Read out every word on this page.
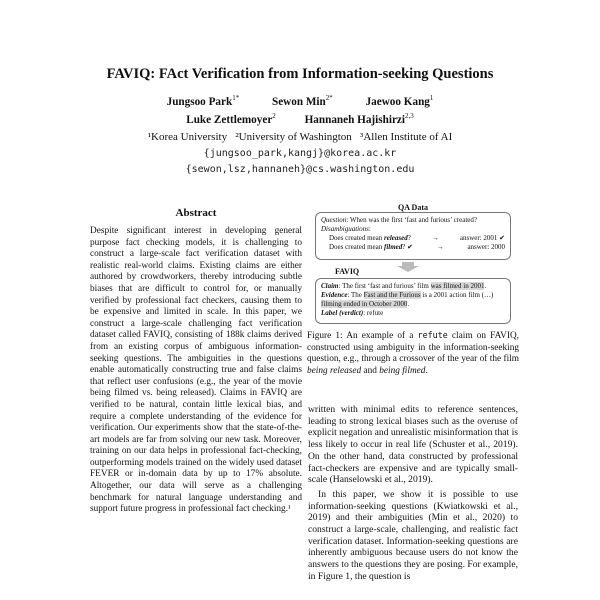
FAVIQ: FAct Verification from Information-seeking Questions
Jungsoo Park$^{1*}$	Sewon Min$^{2*}$	Jaewoo Kang$^1$
Luke Zettlemoyer$^2$	Hannaneh Hajishirzi$^{2,3}$
¹Korea University   ²University of Washington   ³Allen Institute of AI
{jungsoo_park,kangj}@korea.ac.kr
{sewon,lsz,hannaneh}@cs.washington.edu
Abstract
Despite significant interest in developing general purpose fact checking models, it is challenging to construct a large-scale fact verification dataset with realistic real-world claims. Existing claims are either authored by crowdworkers, thereby introducing subtle biases that are difficult to control for, or manually verified by professional fact checkers, causing them to be expensive and limited in scale. In this paper, we construct a large-scale challenging fact verification dataset called FAVIQ, consisting of 188k claims derived from an existing corpus of ambiguous information-seeking questions. The ambiguities in the questions enable automatically constructing true and false claims that reflect user confusions (e.g., the year of the movie being filmed vs. being released). Claims in FAVIQ are verified to be natural, contain little lexical bias, and require a complete understanding of the evidence for verification. Our experiments show that the state-of-the-art models are far from solving our new task. Moreover, training on our data helps in professional fact-checking, outperforming models trained on the widely used dataset FEVER or in-domain data by up to 17% absolute. Altogether, our data will serve as a challenging benchmark for natural language understanding and support future progress in professional fact checking.¹
QA Data
Question: When was the first ‘fast and furious’ created?
Disambiguations:
Does created mean released?	→	answer: 2001 ✔
Does created mean filmed? ✔	→	answer: 2000
FAVIQ
Claim: The first ‘fast and furious’ film was filmed in 2001.
Evidence: The Fast and the Furious is a 2001 action film (…) filming ended in October 2000.
Label (verdict): refute
Figure 1: An example of a refute claim on FAVIQ, constructed using ambiguity in the information-seeking question, e.g., through a crossover of the year of the film being released and being filmed.

written with minimal edits to reference sentences, leading to strong lexical biases such as the overuse of explicit negation and unrealistic misinformation that is less likely to occur in real life (Schuster et al., 2019). On the other hand, data constructed by professional fact-checkers are expensive and are typically small-scale (Hanselowski et al., 2019).

In this paper, we show it is possible to use information-seeking questions (Kwiatkowski et al., 2019) and their ambiguities (Min et al., 2020) to construct a large-scale, challenging, and realistic fact verification dataset. Information-seeking questions are inherently ambiguous because users do not know the answers to the questions they are posing. For example, in Figure 1, the question is
